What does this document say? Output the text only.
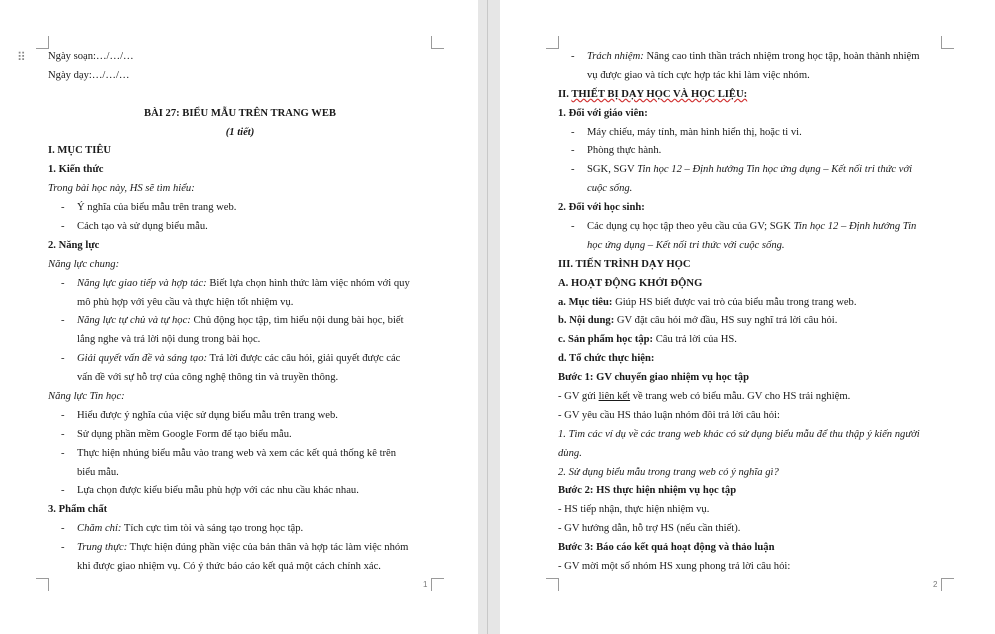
⠿ Ngày soạn:…/…/…
Ngày dạy:…/…/…
BÀI 27: BIỂU MẪU TRÊN TRANG WEB
(1 tiết)
I. MỤC TIÊU
1. Kiến thức
Trong bài học này, HS sẽ tìm hiểu:
- Ý nghĩa của biểu mẫu trên trang web.
- Cách tạo và sử dụng biểu mẫu.
2. Năng lực
Năng lực chung:
- Năng lực giao tiếp và hợp tác: Biết lựa chọn hình thức làm việc nhóm với quy
mô phù hợp với yêu cầu và thực hiện tốt nhiệm vụ.
- Năng lực tự chủ và tự học: Chủ động học tập, tìm hiểu nội dung bài học, biết
lắng nghe và trả lời nội dung trong bài học.
- Giải quyết vấn đề và sáng tạo: Trả lời được các câu hỏi, giải quyết được các
vấn đề với sự hỗ trợ của công nghệ thông tin và truyền thông.
Năng lực Tin học:
- Hiểu được ý nghĩa của việc sử dụng biểu mẫu trên trang web.
- Sử dụng phần mềm Google Form để tạo biểu mẫu.
- Thực hiện nhúng biểu mẫu vào trang web và xem các kết quả thống kê trên
biểu mẫu.
- Lựa chọn được kiểu biểu mẫu phù hợp với các nhu cầu khác nhau.
3. Phẩm chất
- Chăm chỉ: Tích cực tìm tòi và sáng tạo trong học tập.
- Trung thực: Thực hiện đúng phần việc của bản thân và hợp tác làm việc nhóm
khi được giao nhiệm vụ. Có ý thức báo cáo kết quả một cách chính xác.
1
- Trách nhiệm: Nâng cao tinh thần trách nhiệm trong học tập, hoàn thành nhiệm
vụ được giao và tích cực hợp tác khi làm việc nhóm.
II. THIẾT BỊ DẠY HỌC VÀ HỌC LIỆU:
1. Đối với giáo viên:
- Máy chiếu, máy tính, màn hình hiển thị, hoặc ti vi.
- Phòng thực hành.
- SGK, SGV Tin học 12 – Định hướng Tin học ứng dụng – Kết nối tri thức với
cuộc sống.
2. Đối với học sinh:
- Các dụng cụ học tập theo yêu cầu của GV; SGK Tin học 12 – Định hướng Tin
học ứng dụng – Kết nối tri thức với cuộc sống.
III. TIẾN TRÌNH DẠY HỌC
A. HOẠT ĐỘNG KHỞI ĐỘNG
a. Mục tiêu: Giúp HS biết được vai trò của biểu mẫu trong trang web.
b. Nội dung: GV đặt câu hỏi mở đầu, HS suy nghĩ trả lời câu hỏi.
c. Sản phẩm học tập: Câu trả lời của HS.
d. Tổ chức thực hiện:
Bước 1: GV chuyển giao nhiệm vụ học tập
- GV gửi liên kết về trang web có biểu mẫu. GV cho HS trải nghiệm.
- GV yêu cầu HS thảo luận nhóm đôi trả lời câu hỏi:
1. Tìm các ví dụ về các trang web khác có sử dụng biểu mẫu để thu thập ý kiến người
dùng.
2. Sử dụng biểu mẫu trong trang web có ý nghĩa gì?
Bước 2: HS thực hiện nhiệm vụ học tập
- HS tiếp nhận, thực hiện nhiệm vụ.
- GV hướng dẫn, hỗ trợ HS (nếu cần thiết).
Bước 3: Báo cáo kết quả hoạt động và thảo luận
- GV mời một số nhóm HS xung phong trả lời câu hỏi:
2
